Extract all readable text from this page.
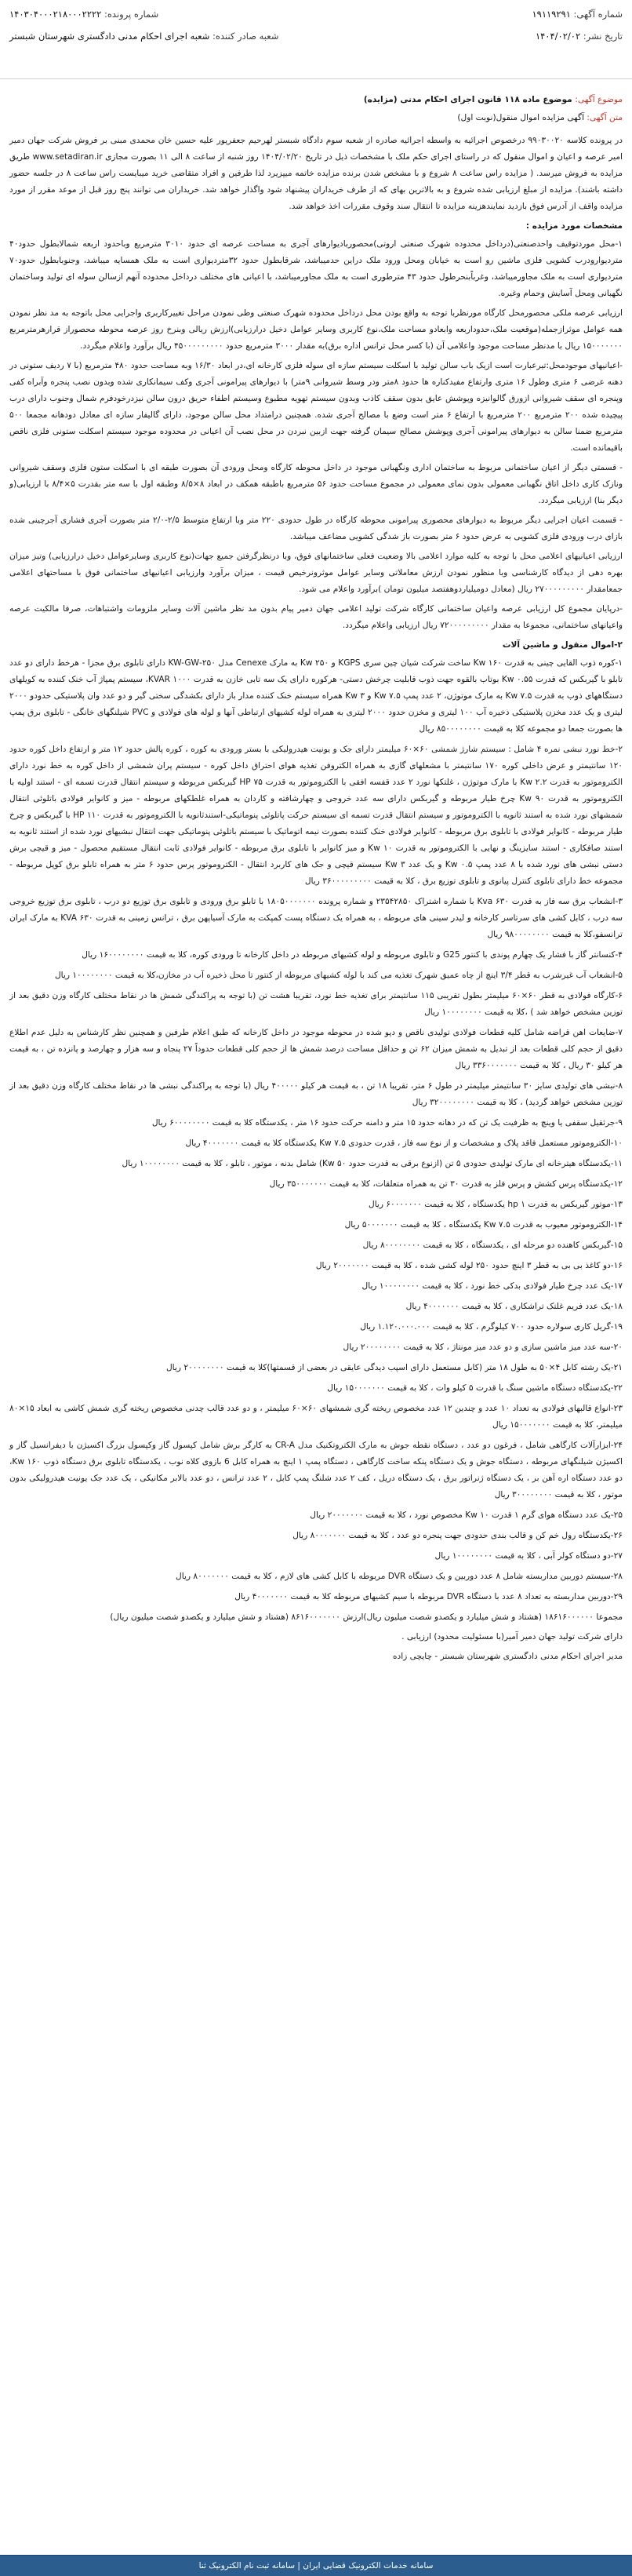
شماره آگهی: ۱۹۱۱۹۲۹۱
شماره پرونده: ۱۴۰۳۰۴۰۰۰۲۱۸۰۰۰۲۲۲۲
تاریخ نشر: ۱۴۰۴/۰۲/۰۲
شعبه صادر کننده: شعبه اجرای احکام مدنی دادگستری شهرستان شبستر
موضوع آگهی: موضوع ماده ۱۱۸ قانون اجرای احکام مدنی (مزایده)
متن آگهی: آگهی مزایده اموال منقول(نوبت اول)

در پرونده کلاسه ۹۹۰۳۰۰۲۰ درخصوص اجرائیه به واسطه اجرائیه صادره از شعبه سوم دادگاه شبستر لهرحیم جعفرپور علیه حسین خان محمدی مبنی بر فروش شرکت جهان دمیر امیر عرصه و اعیان و اموال منقول که در راستای اجرای حکم ملک با مشخصات ذیل در تاریخ ۱۴۰۴/۰۲/۲۰ روز شنبه از ساعت ۸ الی ۱۱ بصورت مجازی www.setadiran.ir طریق مزایده به فروش میرسد. ( مزایده راس ساعت ۸ شروع و با مشخص شدن برنده مزایده خاتمه میپزیرد لذا طرفین و افراد متقاضی خرید میبایست راس ساعت ۸ در جلسه حضور داشته باشند). مزایده از مبلغ ارزیابی شده شروع و به بالاترین بهای که از طرف خریداران پیشنهاد شود واگذار خواهد شد. خریداران می توانند پنج روز قبل از موعد مقرر از مورد مزایده واقف از آدرس فوق بازدید نمایندهزینه مزایده تا انتقال سند وقوف مقررات اخذ خواهد شد.

مشخصات مورد مزایده :

۱-محل موردتوقیف واحدصنعتی(درداخل محدوده شهرک صنعتی اروتی)محصوربادیوارهای آجری به مساحت عرصه ای حدود ۳۰۱۰ مترمربع وباحدود اربعه شمالابطول حدود۴۰ متردیوارودرب کشویی فلزی ماشین رو است به خیابان ومحل ورود ملک دراین حدمیباشد، شرقابطول حدود ۳۲متردیواری است به ملک همسایه میباشد، وجنوبابطول حدود۷۰ متردیواری است به ملک مجاورمیباشد، وغرباًبنحرطول حدود ۴۳ مترطوری است به ملک مجاورمیباشد، با اعیانی های مختلف درداخل محدوده آنهم ازسالن سوله ای تولید وساختمان نگهبانی ومحل آسایش وحمام وغیره.

ارزیابی عرصه ملکی محصورمحل کارگاه مورنظربا توجه به واقع بودن محل درداخل محدوده شهرک صنعتی وطی نمودن مراحل تغییرکاربری واجرایی محل باتوجه به مد نظر نمودن همه عوامل موثرازجمله(موقعیت ملک،حدوداربعه وابعادو مساحت ملک،نوع کاربری وسایر عوامل دخیل درارزیابی)ارزش ریالی وبنرخ روز عرصه محوطه محصوراز قرارهرمترمربع ۱۵۰۰۰۰۰۰۰ ریال با مدنظر مساحت موجود واعلامی آن (با کسر محل ترانس اداره برق)به مقدار ۳۰۰۰ مترمربع حدود ۴۵۰۰۰۰۰۰۰۰۰ ریال برآورد واعلام میگردد.

-اعیانیهای موجودمحل:تیرعبارت است ازیک باب سالن تولید با اسکلت سیستم سازه ای سوله فلزی کارخانه ای،در ابعاد ۱۶/۳۰ وبه مساحت حدود ۴۸۰ مترمربع (با ۷ ردیف ستونی در دهنه عرضی ۶ متری وطول ۱۶ متری وارتفاع مفیدکناره ها حدود ۸متر ودر وسط شیروانی ۹متر) با دیوارهای پیرامونی آجری وکف سیمانکاری شده وبدون نصب پنجره وآبراه کفی وپنجره ای سقف شیروانی ازورق گالوانیزه وپوشش عایق بدون سقف کاذب وبدون سیستم تهویه مطبوع وسیستم اطفاء حریق درون سالن نیزدرخودفرم شمال وجنوب دارای درب پیچیده شده ۲۰۰ مترمربع ۲۰۰ مترمربع با ارتفاع ۶ متر است وضع با مصالح آجری شده. همچنین درامتداد محل سالن موجود، دارای گالیفار سازه ای معادل دودهانه مجمعا ۵۰۰ مترمربع ضمنا سالن به دیوارهای پیرامونی آجری وپوشش مصالح سیمان گرفته جهت ازبین نبردن در محل نصب آن اعیانی در محدوده موجود سیستم اسکلت ستونی فلزی ناقص باقیمانده است.

- قسمتی دیگر از اعیان ساختمانی مربوط به ساختمان اداری ونگهبانی موجود در داخل محوطه کارگاه ومحل ورودی آن بصورت طبقه ای با اسکلت ستون فلزی وسقف شیروانی ونازک کاری داخل اتاق نگهبانی معمولی بدون نمای معمولی در مجموع مساحت حدود ۵۶ مترمربع باطبقه همکف در ابعاد ۸×۸/۵ وطبقه اول با سه متر بقدرت ۵×۸/۴ با ارزیابی(و دیگر بنا) ارزیابی میگردد.

- قسمت اعیان اجرایی دیگر مربوط به دیوارهای محصوری پیرامونی محوطه کارگاه در طول حدودی ۲۲۰ متر وبا ارتفاع متوسط ۲/۵-۲/۰ متر بصورت آجری فشاری آجرچینی شده بازای درب ورودی فلزی کشویی به عرض حدود ۶ متر بصورت باز شدگی کشویی مضاعف میباشد.

ارزیابی اعیانیهای اعلامی محل با توجه به کلیه موارد اعلامی بالا وضعیت فعلی ساختمانهای فوق، وبا درنظرگرفتن جمیع جهات(نوع کاربری وسایرعوامل دخیل درارزیابی) وتیز میزان بهره دهی از دیدگاه کارشناسی وبا منظور نمودن ارزش معاملاتی وسایر عوامل موثرونرخیص قیمت ، میزان برآورد وارزیابی اعیانیهای ساختمانی فوق با مساحتهای اعلامی جمعامقدار ۲۷۰۰۰۰۰۰۰۰۰ ریال (معادل دومیلیاردوهفتصد میلیون تومان )برآورد واعلام می شود.

-درپایان مجموع کل ارزیابی عرصه واعیان ساختمانی کارگاه شرکت تولید اعلامی جهان دمیر پیام بدون مد نظر ماشین آلات وسایر ملزومات واشتباهات، صرفا مالکیت عرصه واعیانهای ساختمانی، مجموعا به مقدار ۷۲۰۰۰۰۰۰۰۰۰ ریال ارزیابی واعلام میگردد.

۲-اموال منقول و ماشین آلات
۱-کوره ذوب القایی چینی به قدرت ۱۶۰ Kw ساخت شرکت شیان چین سری KGPS و ۲۵۰ Kw به مارک Cenexe مدل ۲۵۰-KW-GW دارای تابلوی برق مجزا - هرخط دارای دو عدد تابلو با گیربکس که قدرت Kw ۰.۵۵ بوتاب بالقوه جهت ذوب قابلیت چرخش دستی- هرکوره دارای یک سه تابی خازن به قدرت ۱۰۰۰ KVAR، سیستم پمپاژ آب خنک کننده به کویلهای دستگاههای ذوب به قدرت ۷.۵ Kw به مارک موتوژن، ۲ عدد پمپ Kw ۷.۵ و ۳ Kw همراه سیستم خنک کننده مدار باز دارای بکشدگی سختی گیر و دو عدد وان پلاستیکی حدودو ۲۰۰۰ لیتری و یک عدد مخزن پلاستیکی ذخیره آب ۱۰۰ لیتری و مخزن حدود ۲۰۰۰ لیتری به همراه لوله کشیهای ارتباطی آنها و لوله های فولادی و PVC شیلنگهای خانگی - تابلوی برق پمپ ها بصورت جمعا دو مجموعه کلا به قیمت ۸۵۰۰۰۰۰۰۰۰ ریال
۲-خط نورد نبشی نمره ۴ شامل : سیستم شارژ شمشی ۶۰×۶۰ میلیمتر دارای جک و یونیت هیدرولیکی با بستر ورودی به کوره ، کوره پالش حدود ۱۲ متر و ارتفاع داخل کوره حدود ۱۲۰ سانتیمتر و عرض داخلی کوره ۱۷۰ سانتیمتر با مشعلهای گازی به همراه الکتروفن تغذیه هوای احتراق داخل کوره - سیستم پران شمشی از داخل کوره به خط نورد دارای الکتروموتور به قدرت ۲.۲ Kw با مارک موتوژن ، غلتکها نورد ۲ عدد قفسه افقی با الکتروموتور به قدرت HP ۷۵ گیربکس مربوطه و سیستم انتقال قدرت تسمه ای - استند اولیه با الکتروموتور به قدرت ۹۰ Kw چرخ طیار مربوطه و گیربکس دارای سه عدد خروجی و چهارشافته و کاردان به همراه غلطکهای مربوطه - میز و کانوایر فولادی باتلوئی انتقال شمشهای نورد شده به استند ثانویه با الکتروموتور و سیستم انتقال قدرت تسمه ای سیستم حرکت پاتلوئی پنوماتیکی-استندثانویه با الکتروموتور به قدرت ۱۱۰ HP با گیربکس و چرخ طیار مربوطه - کانوایر فولادی با تابلوی برق مربوطه - کانوایر فولادی خنک کننده بصورت نیمه اتوماتیک با سیستم باتلوئی پنوماتیکی جهت انتقال نبشیهای نورد شده از استند ثانویه به استند صافکاری - استند سایزینگ و نهایی با الکتروموتور به قدرت ۱۰ Kw و میز کانوایر با تابلوی برق مربوطه - کانوایر فولادی ثابت انتقال مستقیم محصول - میز و قیچی برش دستی نبشی های نورد شده با ۸ عدد پمپ Kw ۰.۵ و یک عدد ۳ Kw سیستم قیچی و جک های کاربرد انتقال - الکتروموتور پرس حدود ۶ متر به همراه تابلو برق کوپل مربوطه - مجموعه خط دارای تابلوی کنترل پیانوی و تابلوی توزیع برق ، کلا به قیمت ۳۶۰۰۰۰۰۰۰۰۰ ریال
۳-انشعاب برق سه فاز به قدرت ۶۳۰ Kva با شماره اشتراک ۲۳۵۴۲۸۵۰ و شماره پرونده ۱۸۰۵۰۰۰۰۰۰۰ با تابلو برق ورودی و تابلوی برق توزیع دو درب ، تابلوی برق توزیع خروجی سه درب ، کابل کشی های سرتاسر کارخانه و لیدر سینی های مربوطه ، به همراه یک دستگاه پست کمپکت به مارک آسیاپهن برق ، ترانس زمینی به قدرت ۶۳۰ KVA به مارک ایران ترانسفو،کلا به قیمت ۹۸۰۰۰۰۰۰۰۰ ریال
۴-کنسانتر گاز با فشار یک چهارم پوندی با کنتور G25 و تابلوی مربوطه و لوله کشیهای مربوطه در داخل کارخانه تا ورودی کوره، کلا به قیمت ۱۶۰۰۰۰۰۰۰۰ ریال
۵-انشعاب آب غیرشرب به قطر ۳/۴ اینچ از چاه عمیق شهرک تغذیه می کند با لوله کشیهای مربوطه از کنتور تا محل ذخیره آب در مخازن،کلا به قیمت ۱۰۰۰۰۰۰۰۰ ریال
۶-کارگاه فولادی به قطر ۶۰×۶۰ میلیمتر بطول تقریبی ۱۱۵ سانتیمتر برای تغذیه خط نورد، تقریبا هشت تن (با توجه به پراکندگی شمش ها در نقاط مختلف کارگاه وزن دقیق بعد از توزین مشخص خواهد شد ) ،کلا به قیمت ۱۰۰۰۰۰۰۰۰ ریال
۷-ضایعات اهن قراضه شامل کلیه قطعات فولادی تولیدی ناقص و دپو شده در محوطه موجود در داخل کارخانه که طبق اعلام طرفین و همچنین نظر کارشناس به دلیل عدم اطلاع دقیق از حجم کلی قطعات بعد از تبدیل به شمش میزان ۶۲ تن و حداقل مساحت درصد شمش ها از حجم کلی قطعات حدوداً ۲۷ پنجاه و سه هزار و چهارصد و پانزده تن ، به قیمت هر کیلو ۳۰ ریال ، کلا به قیمت ۳۳۶۰۰۰۰۰۰۰ ریال
۸-نبشی های تولیدی سایز ۳۰ سانتیمتر میلیمتر در طول ۶ متر، تقریبا ۱۸ تن ، به قیمت هر کیلو ۴۰۰۰۰۰ ریال (با توجه به پراکندگی نبشی ها در نقاط مختلف کارگاه وزن دقیق بعد از توزین مشخص خواهد گردید) ، کلا به قیمت ۳۲۰۰۰۰۰۰۰۰ ریال
۹-جرثقیل سقفی یا وینچ به ظرفیت یک تن که در دهانه حدود ۱۵ متر و دامنه حرکت حدود ۱۶ متر ، یکدستگاه کلا به قیمت ۶۰۰۰۰۰۰۰۰ ریال
۱۰-الکتروموتور مستعمل فاقد پلاک و مشخصات و از نوع سه فاز ، قدرت حدودی ۷.۵ Kw یکدستگاه کلا به قیمت ۴۰۰۰۰۰۰۰ ریال
۱۱-یکدستگاه هیترخانه ای مارک تولیدی حدودی ۵ تن (ازنوع برقی به قدرت حدود ۵۰ Kw) شامل بدنه ، موتور ، تابلو ، کلا به قیمت ۱۰۰۰۰۰۰۰۰ ریال
۱۲-یکدستگاه پرس کشش و پرس فلز به قدرت ۳۰ تن به همراه متعلقات، کلا به قیمت ۳۵۰۰۰۰۰۰۰ ریال
۱۳-موتور گیربکس به قدرت ۱ hp یکدستگاه ، کلا به قیمت ۶۰۰۰۰۰۰۰ ریال
۱۴-الکتروموتور معیوب به قدرت ۷.۵ Kw یکدستگاه ، کلا به قیمت ۵۰۰۰۰۰۰۰ ریال
۱۵-گیربکس کاهنده دو مرحله ای ، یکدستگاه ، کلا به قیمت ۸۰۰۰۰۰۰۰۰ ریال
۱۶-دو کاغذ بی بی به قطر ۳ اینچ حدود ۲۵۰ لوله کشی شده ، کلا به قیمت ۲۰۰۰۰۰۰۰ ریال
۱۷-یک عدد چرخ طیار فولادی بدکی خط نورد ، کلا به قیمت ۱۰۰۰۰۰۰۰۰ ریال
۱۸-یک عدد فریم غلتک تراشکاری ، کلا به قیمت ۴۰۰۰۰۰۰۰ ریال
۱۹-گریل کاری سولاره حدود ۷۰۰ کیلوگرم ، کلا به قیمت ۱.۱۲۰.۰۰۰.۰۰۰ ریال
۲۰-سه عدد میز ماشین سازی و دو عدد میز مونتاژ ، کلا به قیمت ۲۰۰۰۰۰۰۰۰ ریال
۲۱-یک رشته کابل ۴×۵۰ به طول ۱۸ متر (کابل مستعمل دارای اسپب دیدگی عایقی در بعضی از قسمتها)کلا به قیمت ۲۰۰۰۰۰۰۰۰ ریال
۲۲-یکدستگاه دستگاه ماشین سنگ با قدرت ۵ کیلو وات ، کلا به قیمت ۱۵۰۰۰۰۰۰۰ ریال
۲۳-انواع قالبهای فولادی به تعداد ۱۰ عدد و چندین ۱۲ عدد مخصوص ریخته گری شمشهای ۶۰×۶۰ میلیمتر ، و دو عدد قالب چدنی مخصوص ریخته گری شمش کاشی به ابعاد ۱۵×۸۰ میلیمتر، کلا به قیمت ۱۵۰۰۰۰۰۰۰ ریال
۲۴-ابزارآلات کارگاهی شامل ، فرغون دو عدد ، دستگاه نقطه جوش به مارک الکتروتکنیک مدل CR-A به کارگر برش شامل کپسول گاز وکپسول بزرگ اکسیژن با دیفرانسیل گاز و اکسیژن شیلنگهای مربوطه ، دستگاه جوش و یک دستگاه پنکه ساخت کارگاهی ، دستگاه پمپ ۱ اینچ به همراه کابل 6 بازوی کلاه نوب ، یکدستگاه تابلوی برق دستگاه ذوب ۱۶۰ Kw، دو عدد دستگاه اره آهن بر ، یک دستگاه ژنراتور برق ، یک دستگاه دریل ، کف ۲ عدد شلنگ پمپ کابل ، ۲ عدد ترانس ، دو عدد بالابر مکانیکی ، یک عدد جک یونیت هیدرولیکی بدون موتور ، کلا به قیمت ۳۰۰۰۰۰۰۰۰ ریال
۲۵-یک عدد دستگاه هوای گرم ۱ قدرت ۱۰ Kw مخصوص نورد ، کلا به قیمت ۲۰۰۰۰۰۰۰ ریال
۲۶-یکدستگاه رول خم کن و قالب بندی حدودی جهت پنجره دو عدد ، کلا به قیمت ۸۰۰۰۰۰۰۰ ریال
۲۷-دو دستگاه کولر آبی ، کلا به قیمت ۱۰۰۰۰۰۰۰۰ ریال
۲۸-سیستم دوربین مداربسته شامل ۸ عدد دوربین و یک دستگاه DVR مربوطه با کابل کشی های لازم ، کلا به قیمت ۸۰۰۰۰۰۰۰ ریال
۲۹-دوربین مداربسته به تعداد ۸ عدد با دستگاه DVR مربوطه با سیم کشیهای مربوطه کلا به قیمت ۴۰۰۰۰۰۰۰ ریال

مجموعا ۱۸۶۱۶۰۰۰۰۰۰ (هشتاد و شش میلیارد و یکصدو شصت میلیون ریال)ارزش ۸۶۱۶۰۰۰۰۰۰۰ (هشتاد و شش میلیارد و یکصدو شصت میلیون ریال)

دارای شرکت تولید جهان دمیر آمیر(با مسئولیت محدود) ارزیابی .

مدیر اجرای احکام مدنی دادگستری شهرستان شبستر - چایچی زاده

سامانه خدمات الکترونیک قضایی ایران | سامانه ثبت نام الکترونیک ثنا
